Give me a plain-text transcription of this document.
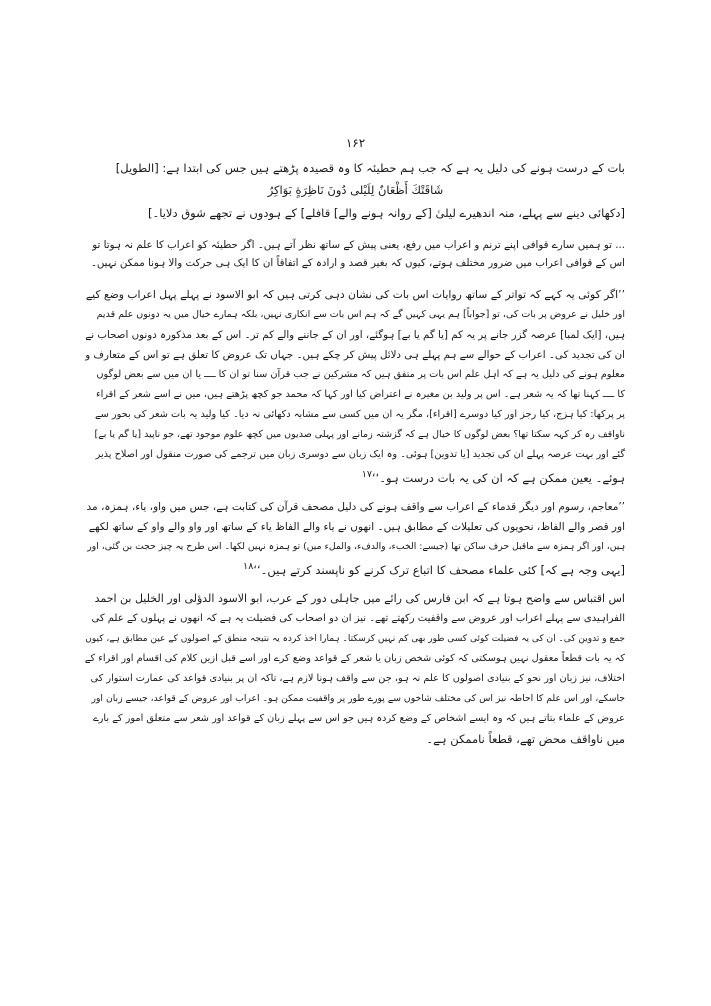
۱۶۲
بات کے درست ہونے کی دلیل یہ ہے کہ جب ہم حطیئہ کا وہ قصیدہ پڑھتے ہیں جس کی ابتدا ہے: [الطویل]
شَاقَتْكَ أَظْعَانٌ لِلَيْلى دُونَ نَاظِرَةٍ بَوَاكِرُ
[دکھائی دینے سے پہلے، منہ اندھیرے لیلیٰ [کے روانہ ہونے والے] قافلے] کے ہودوں نے تجھے شوق دلایا۔]
... تو ہمیں سارے قوافی اپنے ترنم و اعراب میں رفع، یعنی پیش کے ساتھ نظر آتے ہیں۔ اگر حطیئہ کو اعراب کا علم نہ ہوتا تو
اس کے قوافی اعراب میں ضرور مختلف ہوتے، کیوں کہ بغیر قصد و ارادہ کے اتفاقاً ان کا ایک ہی حرکت والا ہونا ممکن نہیں۔
’’اگر کوئی یہ کہے کہ تواتر کے ساتھ روایات اس بات کی نشان دہی کرتی ہیں کہ ابو الاسود نے پہلے پہل اعراب وضع کیے
اور خلیل نے عروض پر بات کی، تو [جواباً] ہم یہی کہیں گے کہ ہم اس بات سے انکاری نہیں، بلکہ ہمارے خیال میں یہ دونوں علم قدیم
ہیں، [ایک لمبا] عرصہ گزر جانے پر یہ کم [یا گم یا بے] ہوگئے، اور ان کے جاننے والے کم تر۔ اس کے بعد مذکورہ دونوں اصحاب نے
ان کی تجدید کی۔ اعراب کے حوالے سے ہم پہلے ہی دلائل پیش کر چکے ہیں۔ جہاں تک عروض کا تعلق ہے تو اس کے متعارف و
معلوم ہونے کی دلیل یہ ہے کہ اہل علم اس بات پر متفق ہیں کہ مشرکین نے جب قرآن سنا تو ان کا ــــ یا ان میں سے بعض لوگوں
کا ــــ کہنا تھا کہ یہ شعر ہے۔ اس پر ولید بن مغیرہ نے اعتراض کیا اور کہا کہ محمد جو کچھ پڑھتے ہیں، میں نے اسے شعر کے اقراء
پر پرکھا: کیا ہزج، کیا رجز اور کیا دوسرے [اقراء]، مگر یہ ان میں کسی سے مشابہ دکھائی نہ دیا۔ کیا ولید یہ بات شعر کی بحور سے
ناواقف رہ کر کہہ سکتا تھا؟ بعض لوگوں کا خیال ہے کہ گزشتہ زمانے اور پہلی صدیوں میں کچھ علوم موجود تھے، جو ناپید [یا گم یا بے]
گئے اور بہت عرصہ پہلے ان کی تجدید [یا تدوین] ہوئی۔ وہ ایک زبان سے دوسری زبان میں ترجمے کی صورت منقول اور اصلاح پذیر
ہوئے۔ یعین ممکن ہے کہ ان کی یہ بات درست ہو۔‘‘$^{۱۷}$
’’معاجم، رسوم اور دیگر قدماء کے اعراب سے واقف ہونے کی دلیل مصحف قرآن کی کتابت ہے، جس میں واو، یاء، ہمزہ، مد
اور قصر والے الفاظ، نحویوں کی تعلیلات کے مطابق ہیں۔ انھوں نے یاء والے الفاظ یاء کے ساتھ اور واو والے واو کے ساتھ لکھے
ہیں، اور اگر ہمزہ سے ماقبل حرف ساکن تھا (جیسے: الخبء، والدفء، والملء میں) تو ہمزہ نہیں لکھا۔ اس طرح یہ چیز حجت بن گئی، اور
[یہی وجہ ہے کہ] کئی علماء مصحف کا اتباع ترک کرنے کو ناپسند کرتے ہیں۔‘‘$^{۱۸}$
اس اقتباس سے واضح ہوتا ہے کہ ابن فارس کی رائے میں جاہلی دور کے عرب، ابو الاسود الدؤلی اور الخلیل بن احمد
الفراہیدی سے پہلے اعراب اور عروض سے واقفیت رکھتے تھے۔ نیز ان دو اصحاب کی فضیلت یہ ہے کہ انھوں نے پہلوں کے علم کی
جمع و تدوین کی۔ ان کی یہ فضیلت کوئی کسی طور بھی کم نہیں کرسکتا۔ ہمارا اخذ کردہ یہ نتیجہ منطق کے اصولوں کے عین مطابق ہے، کیوں
کہ یہ بات قطعاً معقول نہیں ہوسکتی کہ کوئی شخص زبان یا شعر کے قواعد وضع کرے اور اسے قبل ازیں کلام کی اقسام اور اقراء کے
اختلاف، نیز زبان اور نحو کے بنیادی اصولوں کا علم نہ ہو، جن سے واقف ہونا لازم ہے، تاکہ ان پر بنیادی قواعد کی عمارت استوار کی
جاسکے، اور اس علم کا احاطہ نیز اس کی مختلف شاخوں سے پورے طور پر واقفیت ممکن ہو۔ اعراب اور عروض کے قواعد، جیسے زبان اور
عروض کے علماء بتاتے ہیں کہ وہ ایسے اشخاص کے وضع کردہ ہیں جو اس سے پہلے زبان کے قواعد اور شعر سے متعلق امور کے بارے
میں ناواقف محض تھے، قطعاً ناممکن ہے۔
